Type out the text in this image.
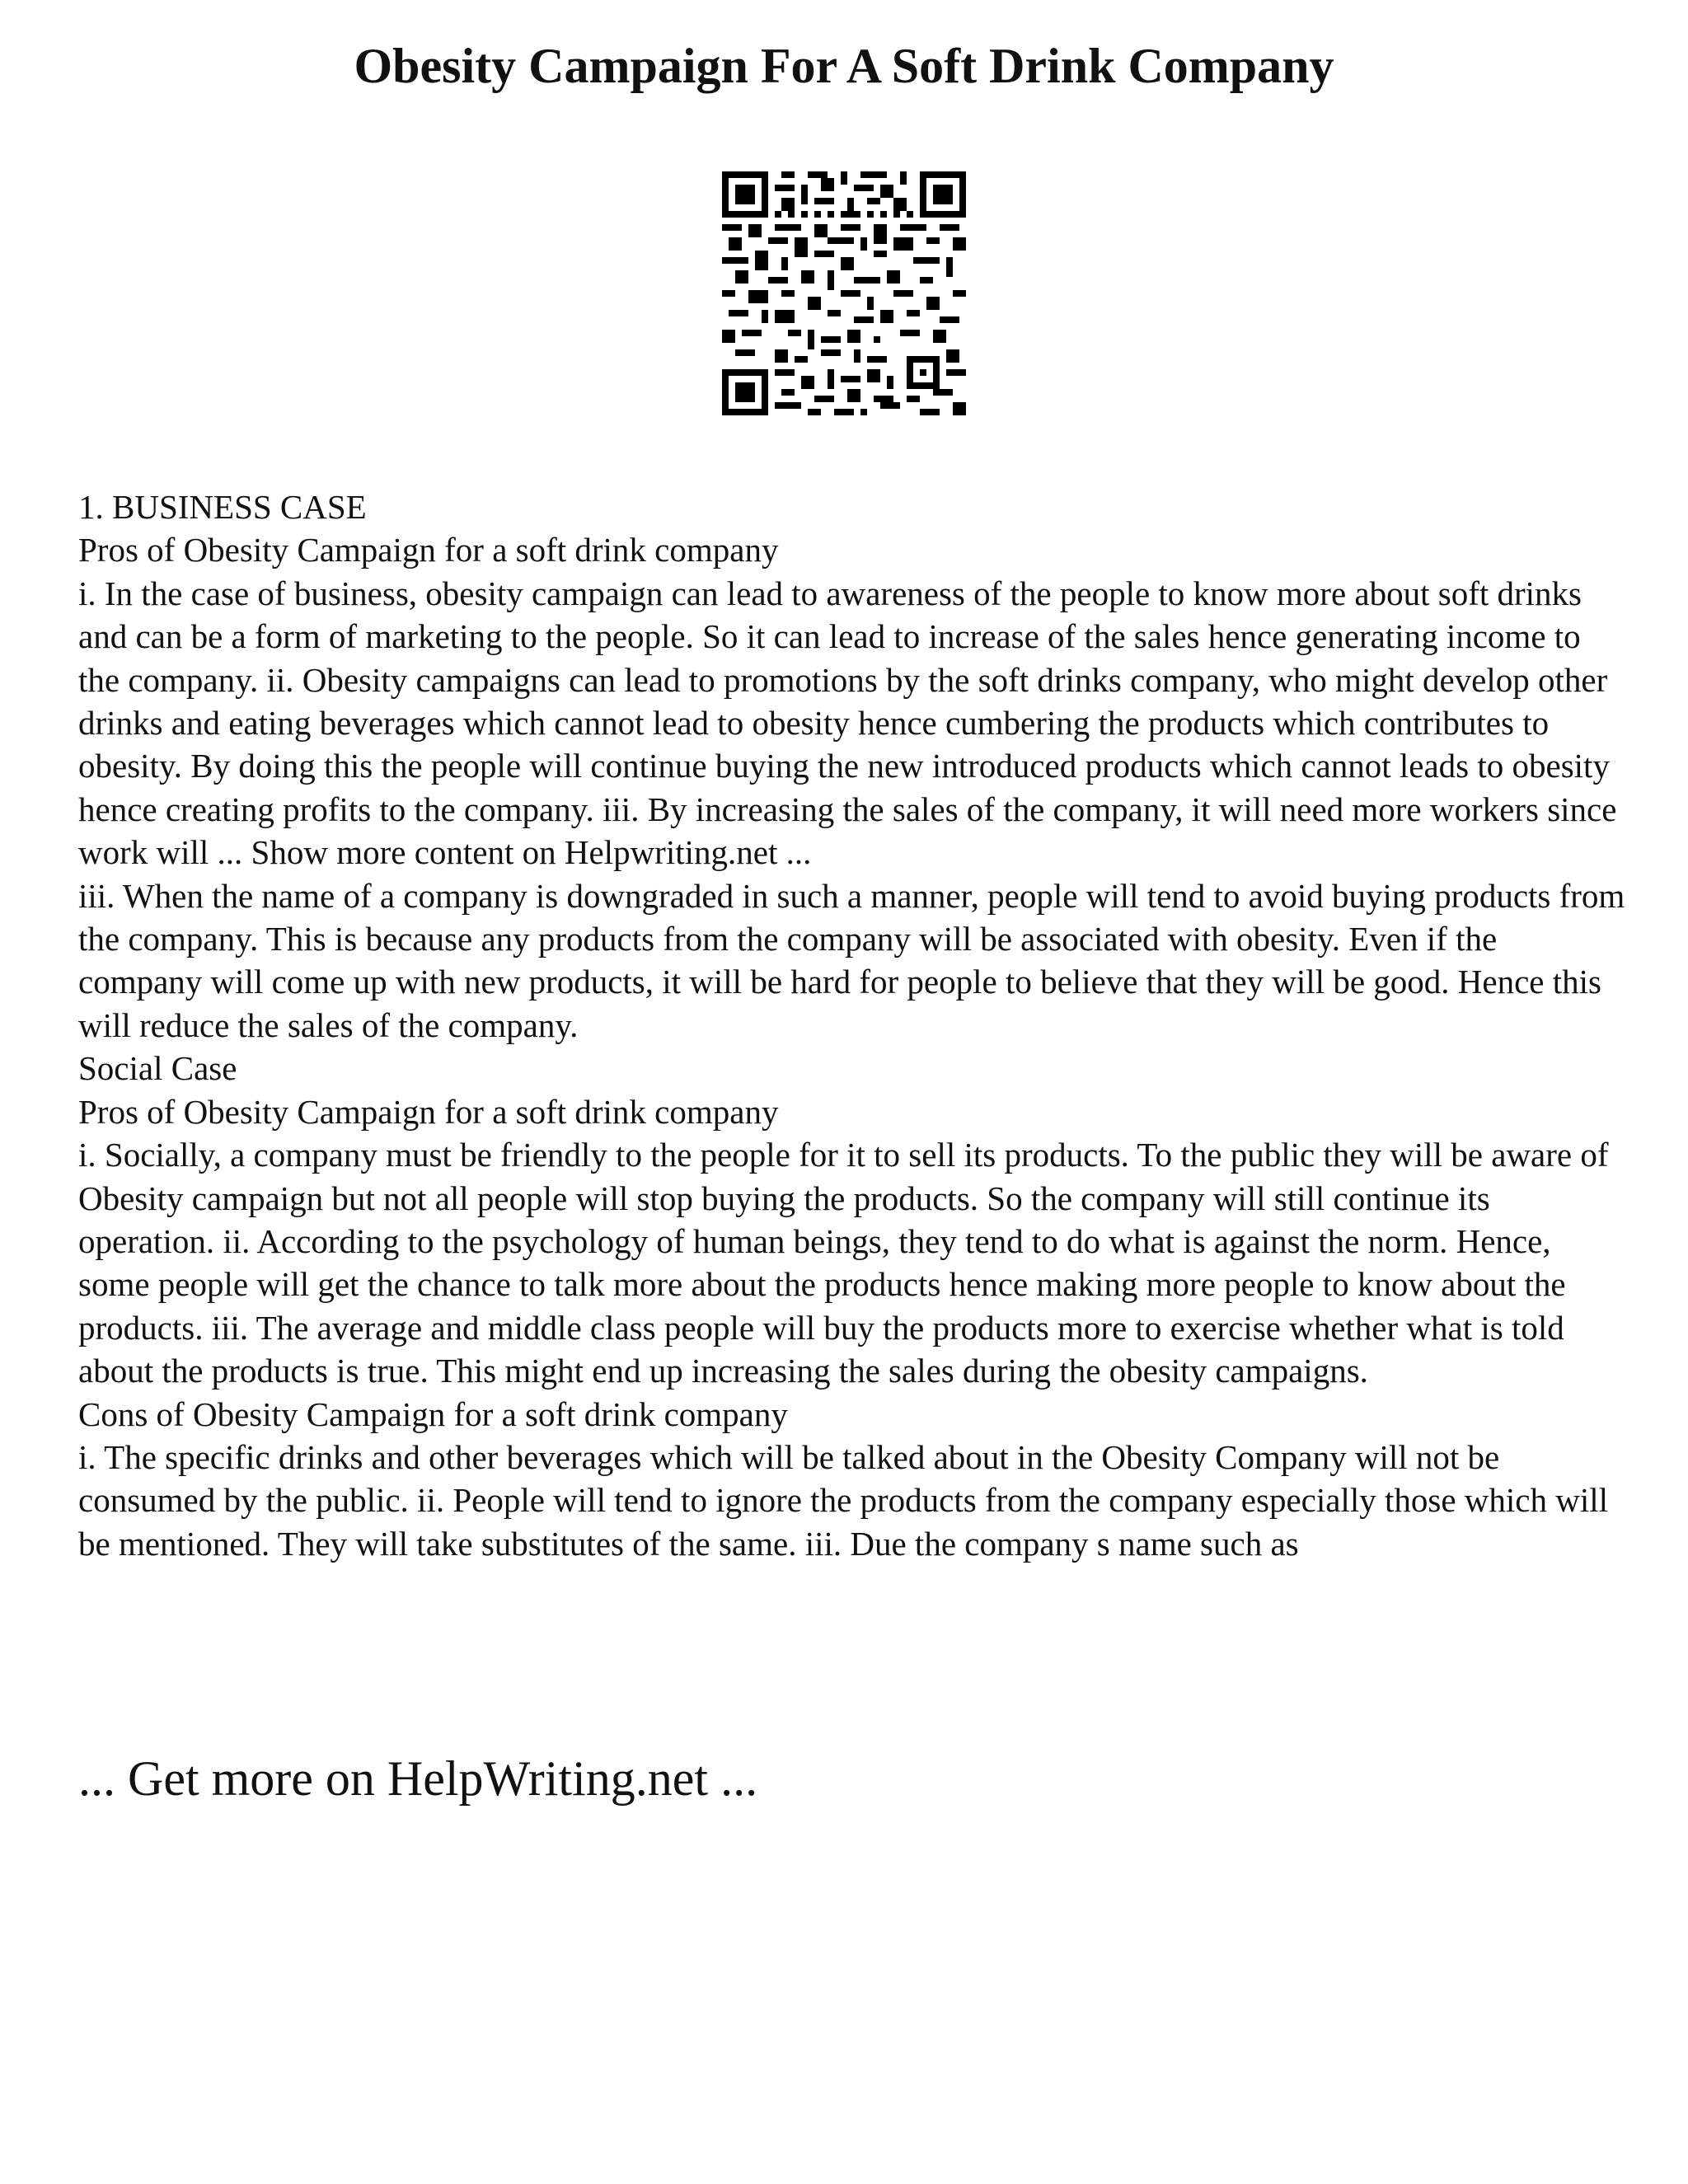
Obesity Campaign For A Soft Drink Company

1. BUSINESS CASE

Pros of Obesity Campaign for a soft drink company

i. In the case of business, obesity campaign can lead to awareness of the people to know more about soft drinks and can be a form of marketing to the people. So it can lead to increase of the sales hence generating income to the company. ii. Obesity campaigns can lead to promotions by the soft drinks company, who might develop other drinks and eating beverages which cannot lead to obesity hence cumbering the products which contributes to obesity. By doing this the people will continue buying the new introduced products which cannot leads to obesity hence creating profits to the company. iii. By increasing the sales of the company, it will need more workers since work will ... Show more content on Helpwriting.net ...

iii. When the name of a company is downgraded in such a manner, people will tend to avoid buying products from the company. This is because any products from the company will be associated with obesity. Even if the company will come up with new products, it will be hard for people to believe that they will be good. Hence this will reduce the sales of the company.

Social Case

Pros of Obesity Campaign for a soft drink company

i. Socially, a company must be friendly to the people for it to sell its products. To the public they will be aware of Obesity campaign but not all people will stop buying the products. So the company will still continue its operation. ii. According to the psychology of human beings, they tend to do what is against the norm. Hence, some people will get the chance to talk more about the products hence making more people to know about the products. iii. The average and middle class people will buy the products more to exercise whether what is told about the products is true. This might end up increasing the sales during the obesity campaigns.

Cons of Obesity Campaign for a soft drink company

i. The specific drinks and other beverages which will be talked about in the Obesity Company will not be consumed by the public. ii. People will tend to ignore the products from the company especially those which will be mentioned. They will take substitutes of the same. iii. Due the company s name such as

... Get more on HelpWriting.net ...
